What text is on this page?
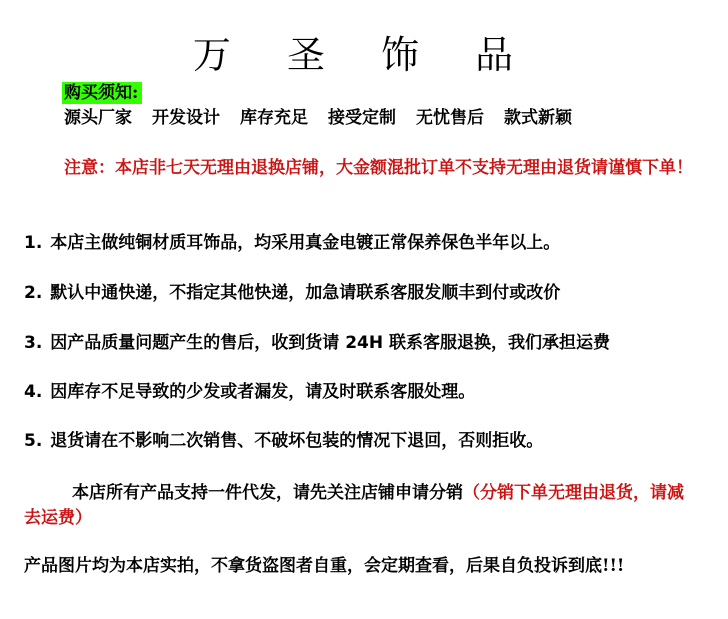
万 圣 饰 品
购买须知:
源头厂家 开发设计 库存充足 接受定制 无忧售后 款式新颖
注意：本店非七天无理由退换店铺，大金额混批订单不支持无理由退货请谨慎下单！
1. 本店主做纯铜材质耳饰品，均采用真金电镀正常保养保色半年以上。
2. 默认中通快递，不指定其他快递，加急请联系客服发顺丰到付或改价
3. 因产品质量问题产生的售后，收到货请 24H 联系客服退换，我们承担运费
4. 因库存不足导致的少发或者漏发，请及时联系客服处理。
5. 退货请在不影响二次销售、不破坏包装的情况下退回，否则拒收。
本店所有产品支持一件代发，请先关注店铺申请分销（分销下单无理由退货，请减去运费）
产品图片均为本店实拍，不拿货盗图者自重，会定期查看，后果自负投诉到底!!!
